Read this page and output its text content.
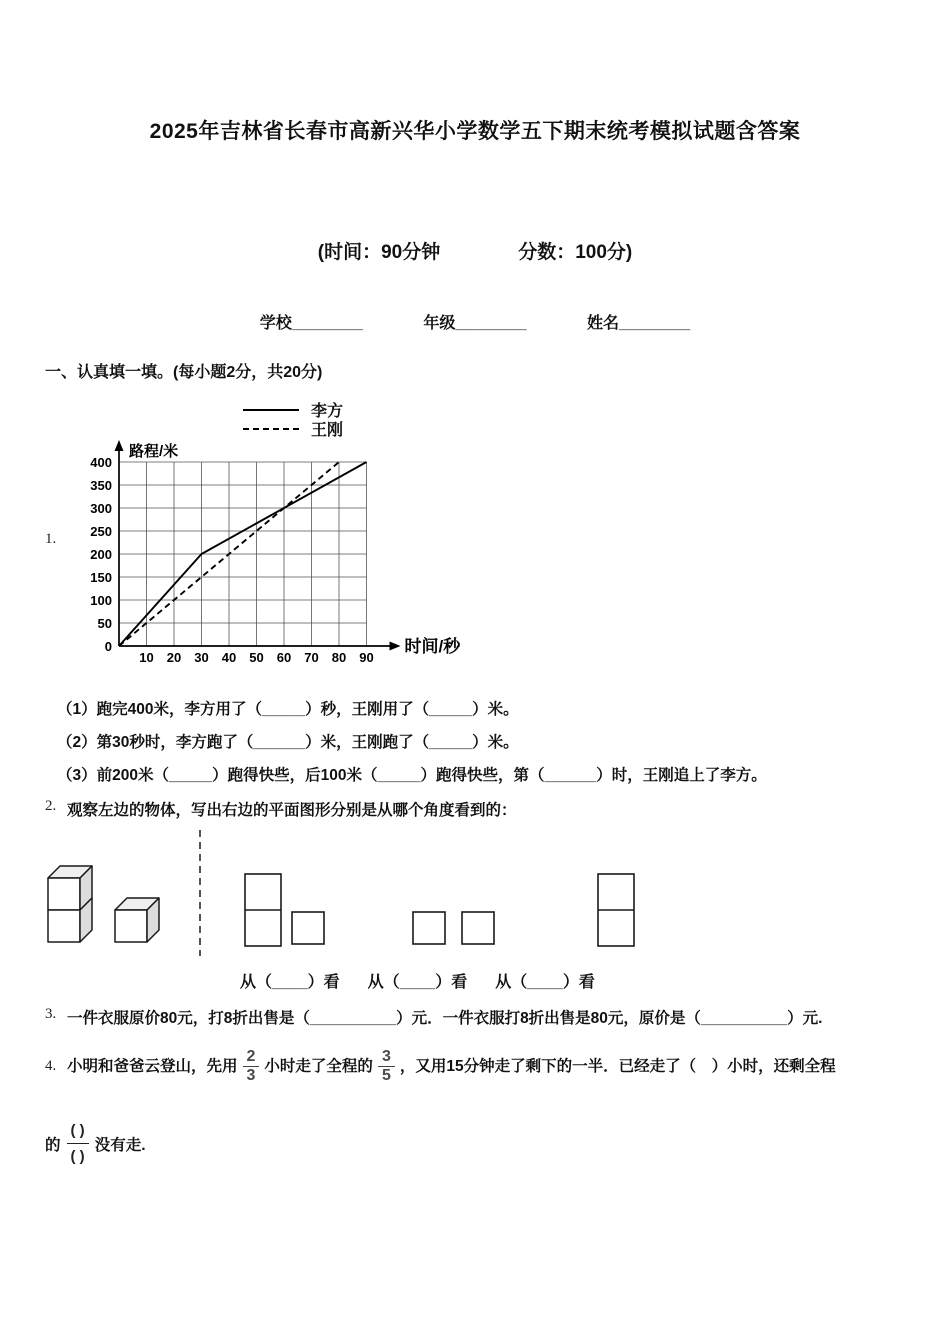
2025年吉林省长春市高新兴华小学数学五下期末统考模拟试题含答案
(时间：90分钟	分数：100分)
学校________	年级________	姓名________
一、认真填一填。(每小题2分，共20分)
1.
李方
王刚
10 20 30 40 50 60 70 80 90
0
50
100
150
200
250
300
350
400
路程/米
时间/秒
（1）跑完400米，李方用了（_____）秒，王刚用了（_____）米。
（2）第30秒时，李方跑了（______）米，王刚跑了（_____）米。
（3）前200米（_____）跑得快些，后100米（_____）跑得快些，第（______）时，王刚追上了李方。
2. 观察左边的物体，写出右边的平面图形分别是从哪个角度看到的：
从（____）看 从（____）看 从（____）看
3. 一件衣服原价80元，打8折出售是（__________）元．一件衣服打8折出售是80元，原价是（__________）元.
4. 小明和爸爸云登山，先用 $\frac{2}{3}$ 小时走了全程的 $\frac{3}{5}$ ，又用15分钟走了剩下的一半．已经走了（　）小时，还剩全程
的 $\frac{( )}{( )}$ 没有走.
